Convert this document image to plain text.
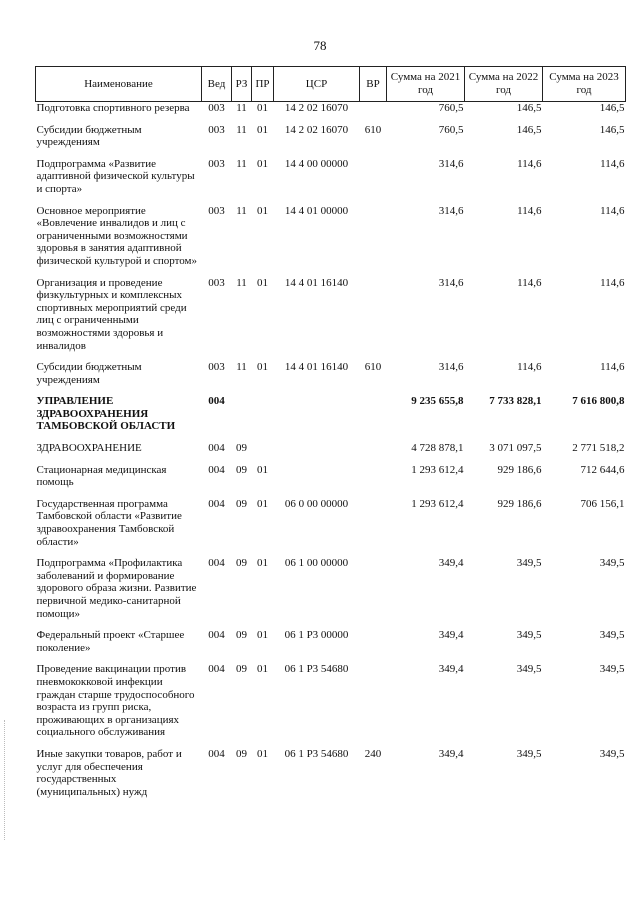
78
Наименование	Вед	РЗ	ПР	ЦСР	ВР	Сумма на 2021 год	Сумма на 2022 год	Сумма на 2023 год
Подготовка спортивного резерва	003	11	01	14 2 02 16070		760,5	146,5	146,5
Субсидии бюджетным учреждениям	003	11	01	14 2 02 16070	610	760,5	146,5	146,5
Подпрограмма «Развитие адаптивной физической культуры и спорта»	003	11	01	14 4 00 00000		314,6	114,6	114,6
Основное мероприятие «Вовлечение инвалидов и лиц с ограниченными возможностями здоровья в занятия адаптивной физической культурой и спортом»	003	11	01	14 4 01 00000		314,6	114,6	114,6
Организация и проведение физкультурных и комплексных спортивных мероприятий среди лиц с ограниченными возможностями здоровья и инвалидов	003	11	01	14 4 01 16140		314,6	114,6	114,6
Субсидии бюджетным учреждениям	003	11	01	14 4 01 16140	610	314,6	114,6	114,6
УПРАВЛЕНИЕ ЗДРАВООХРАНЕНИЯ ТАМБОВСКОЙ ОБЛАСТИ	004					9 235 655,8	7 733 828,1	7 616 800,8
ЗДРАВООХРАНЕНИЕ	004	09				4 728 878,1	3 071 097,5	2 771 518,2
Стационарная медицинская помощь	004	09	01			1 293 612,4	929 186,6	712 644,6
Государственная программа Тамбовской области «Развитие здравоохранения Тамбовской области»	004	09	01	06 0 00 00000		1 293 612,4	929 186,6	706 156,1
Подпрограмма «Профилактика заболеваний и формирование здорового образа жизни. Развитие первичной медико-санитарной помощи»	004	09	01	06 1 00 00000		349,4	349,5	349,5
Федеральный проект «Старшее поколение»	004	09	01	06 1 P3 00000		349,4	349,5	349,5
Проведение вакцинации против пневмококковой инфекции граждан старше трудоспособного возраста из групп риска, проживающих в организациях социального обслуживания	004	09	01	06 1 P3 54680		349,4	349,5	349,5
Иные закупки товаров, работ и услуг для обеспечения государственных (муниципальных) нужд	004	09	01	06 1 P3 54680	240	349,4	349,5	349,5
